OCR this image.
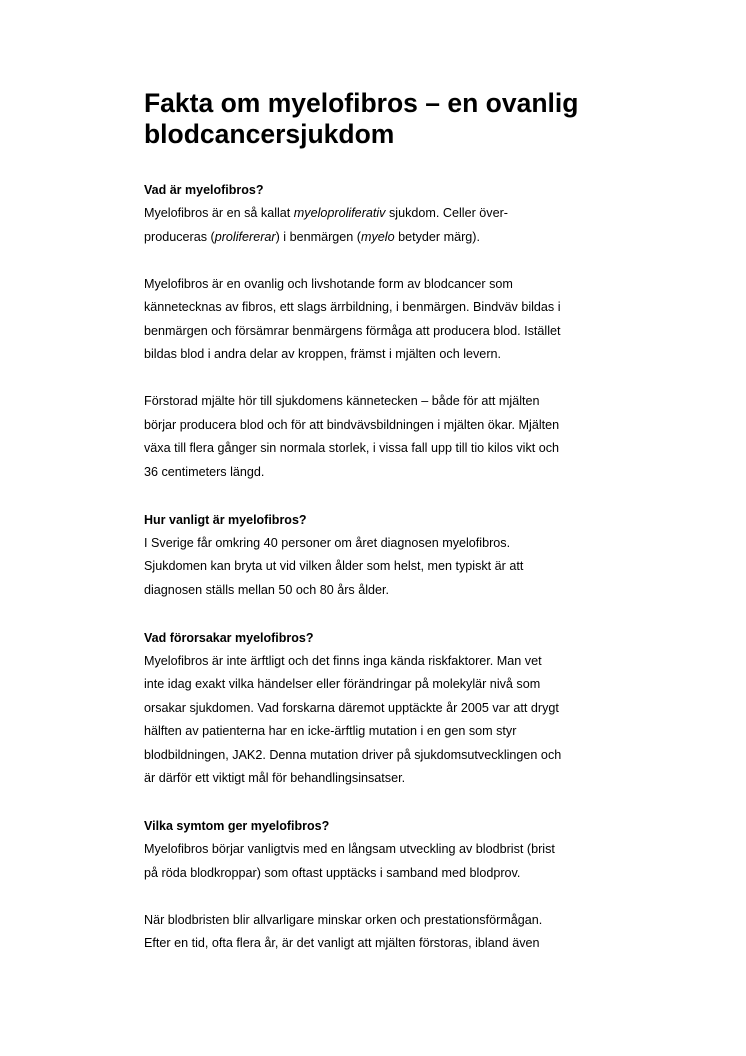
Fakta om myelofibros – en ovanlig blodcancersjukdom
Vad är myelofibros?
Myelofibros är en så kallat myeloproliferativ sjukdom. Celler över-
produceras (prolifererar) i benmärgen (myelo betyder märg).
Myelofibros är en ovanlig och livshotande form av blodcancer som
kännetecknas av fibros, ett slags ärrbildning, i benmärgen. Bindväv bildas i
benmärgen och försämrar benmärgens förmåga att producera blod. Istället
bildas blod i andra delar av kroppen, främst i mjälten och levern.
Förstorad mjälte hör till sjukdomens kännetecken – både för att mjälten
börjar producera blod och för att bindvävsbildningen i mjälten ökar. Mjälten
växa till flera gånger sin normala storlek, i vissa fall upp till tio kilos vikt och
36 centimeters längd.
Hur vanligt är myelofibros?
I Sverige får omkring 40 personer om året diagnosen myelofibros.
Sjukdomen kan bryta ut vid vilken ålder som helst, men typiskt är att
diagnosen ställs mellan 50 och 80 års ålder.
Vad förorsakar myelofibros?
Myelofibros är inte ärftligt och det finns inga kända riskfaktorer. Man vet
inte idag exakt vilka händelser eller förändringar på molekylär nivå som
orsakar sjukdomen. Vad forskarna däremot upptäckte år 2005 var att drygt
hälften av patienterna har en icke-ärftlig mutation i en gen som styr
blodbildningen, JAK2. Denna mutation driver på sjukdomsutvecklingen och
är därför ett viktigt mål för behandlingsinsatser.
Vilka symtom ger myelofibros?
Myelofibros börjar vanligtvis med en långsam utveckling av blodbrist (brist
på röda blodkroppar) som oftast upptäcks i samband med blodprov.
När blodbristen blir allvarligare minskar orken och prestationsförmågan.
Efter en tid, ofta flera år, är det vanligt att mjälten förstoras, ibland även
